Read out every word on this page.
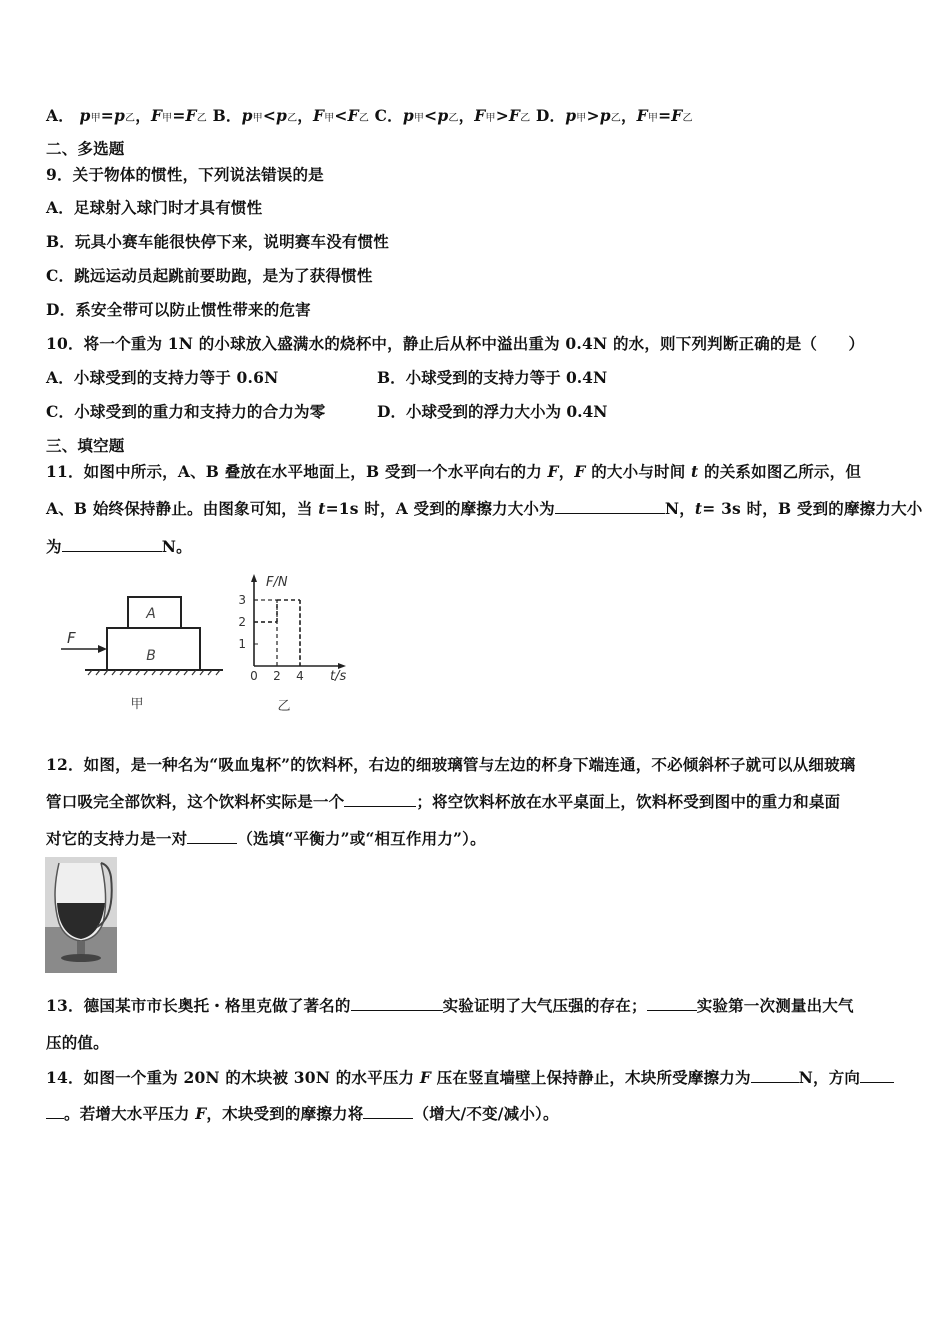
A． p甲=p乙，F甲=F乙 B．p甲<p乙，F甲<F乙 C．p甲<p乙，F甲>F乙 D．p甲>p乙，F甲=F乙
二、多选题
9．关于物体的惯性，下列说法错误的是
A．足球射入球门时才具有惯性
B．玩具小赛车能很快停下来，说明赛车没有惯性
C．跳远运动员起跳前要助跑，是为了获得惯性
D．系安全带可以防止惯性带来的危害
10．将一个重为 1N 的小球放入盛满水的烧杯中，静止后从杯中溢出重为 0.4N 的水，则下列判断正确的是（　　）
A．小球受到的支持力等于 0.6N	B．小球受到的支持力等于 0.4N
C．小球受到的重力和支持力的合力为零	D．小球受到的浮力大小为 0.4N
三、填空题
11．如图中所示，A、B 叠放在水平地面上，B 受到一个水平向右的力 F，F 的大小与时间 t 的关系如图乙所示，但
A、B 始终保持静止。由图象可知，当 t=1s 时，A 受到的摩擦力大小为	N，t= 3s 时，B 受到的摩擦力大小
为	N。
A
B
F
甲
1
2
3
2 4
F/N
t/s
0
乙
12．如图，是一种名为“吸血鬼杯”的饮料杯，右边的细玻璃管与左边的杯身下端连通，不必倾斜杯子就可以从细玻璃
管口吸完全部饮料，这个饮料杯实际是一个	；将空饮料杯放在水平桌面上，饮料杯受到图中的重力和桌面
对它的支持力是一对	（选填“平衡力”或“相互作用力”）。
13．德国某市市长奥托・格里克做了著名的	实验证明了大气压强的存在；	实验第一次测量出大气
压的值。
14．如图一个重为 20N 的木块被 30N 的水平压力 F 压在竖直墙壁上保持静止，木块所受摩擦力为	N，方向
。若增大水平压力 F，木块受到的摩擦力将	（增大/不变/减小）。
